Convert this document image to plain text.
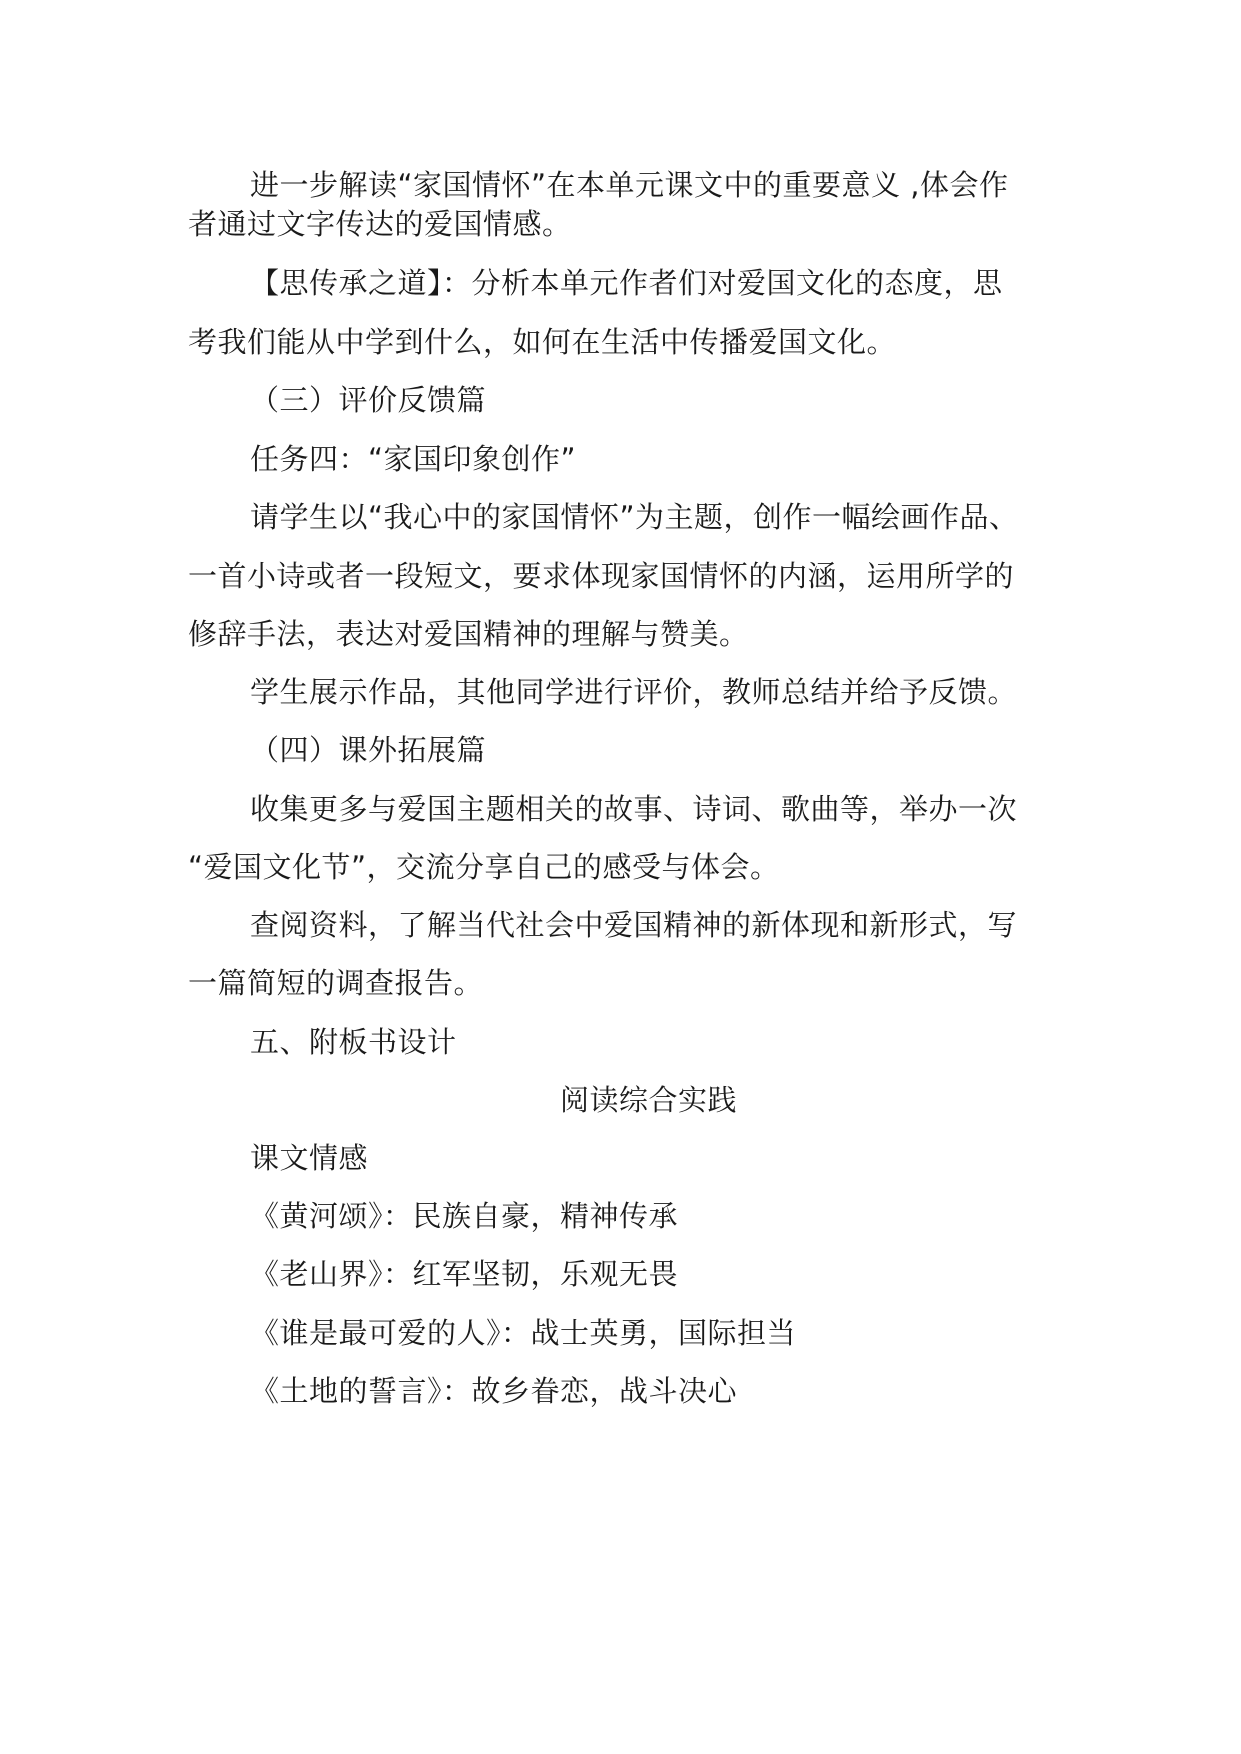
进一步解读“家国情怀”在本单元课文中的重要意义 ,体会作
者通过文字传达的爱国情感。
【思传承之道】：分析本单元作者们对爱国文化的态度，思
考我们能从中学到什么，如何在生活中传播爱国文化。
（三）评价反馈篇
任务四：“家国印象创作”
请学生以“我心中的家国情怀”为主题，创作一幅绘画作品、
一首小诗或者一段短文，要求体现家国情怀的内涵，运用所学的
修辞手法，表达对爱国精神的理解与赞美。
学生展示作品，其他同学进行评价，教师总结并给予反馈。
（四）课外拓展篇
收集更多与爱国主题相关的故事、诗词、歌曲等，举办一次
“爱国文化节”，交流分享自己的感受与体会。
查阅资料，了解当代社会中爱国精神的新体现和新形式，写
一篇简短的调查报告。
五、附板书设计
阅读综合实践
课文情感
《黄河颂》：民族自豪，精神传承
《老山界》：红军坚韧，乐观无畏
《谁是最可爱的人》：战士英勇，国际担当
《土地的誓言》：故乡眷恋，战斗决心
